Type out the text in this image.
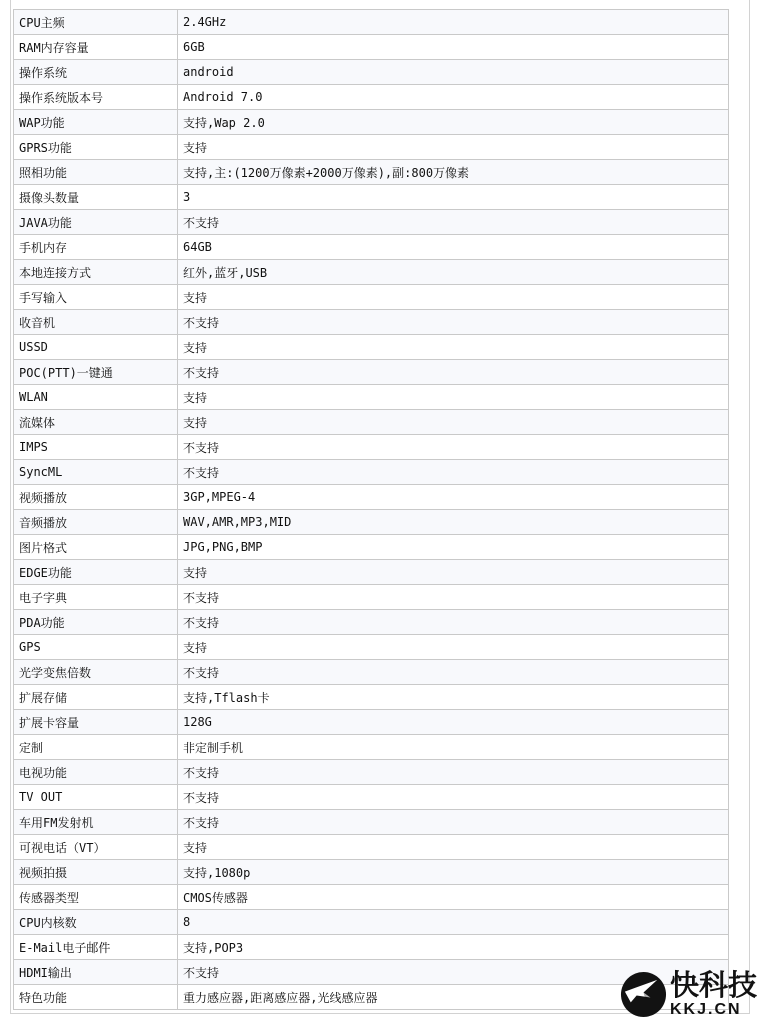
CPU主频	2.4GHz
RAM内存容量	6GB
操作系统	android
操作系统版本号	Android 7.0
WAP功能	支持,Wap 2.0
GPRS功能	支持
照相功能	支持,主:(1200万像素+2000万像素),副:800万像素
摄像头数量	3
JAVA功能	不支持
手机内存	64GB
本地连接方式	红外,蓝牙,USB
手写输入	支持
收音机	不支持
USSD	支持
POC(PTT)一键通	不支持
WLAN	支持
流媒体	支持
IMPS	不支持
SyncML	不支持
视频播放	3GP,MPEG-4
音频播放	WAV,AMR,MP3,MID
图片格式	JPG,PNG,BMP
EDGE功能	支持
电子字典	不支持
PDA功能	不支持
GPS	支持
光学变焦倍数	不支持
扩展存储	支持,Tflash卡
扩展卡容量	128G
定制	非定制手机
电视功能	不支持
TV OUT	不支持
车用FM发射机	不支持
可视电话（VT）	支持
视频拍摄	支持,1080p
传感器类型	CMOS传感器
CPU内核数	8
E-Mail电子邮件	支持,POP3
HDMI输出	不支持
特色功能	重力感应器,距离感应器,光线感应器	快科技
KKJ.CN
